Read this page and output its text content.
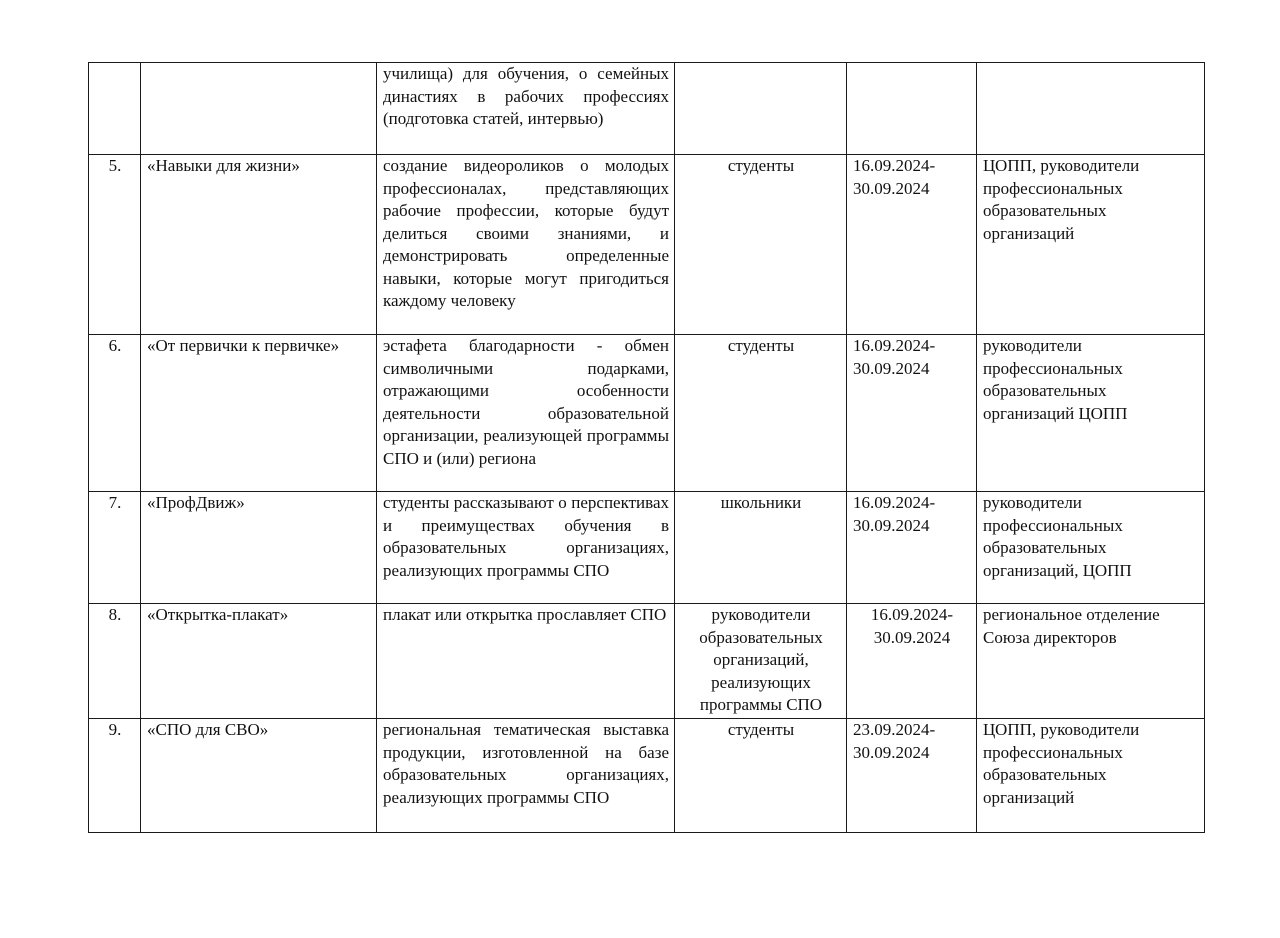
		училища) для обучения, о семейных династиях в рабочих профессиях (подготовка статей, интервью)			
5.	«Навыки для жизни»	создание видеороликов о молодых профессионалах, представляющих рабочие профессии, которые будут делиться своими знаниями, и демонстрировать определенные навыки, которые могут пригодиться каждому человеку	студенты	16.09.2024-30.09.2024	ЦОПП, руководители профессиональных образовательных организаций
6.	«От первички к первичке»	эстафета благодарности - обмен символичными подарками, отражающими особенности деятельности образовательной организации, реализующей программы СПО и (или) региона	студенты	16.09.2024-30.09.2024	руководители профессиональных образовательных организаций ЦОПП
7.	«ПрофДвиж»	студенты рассказывают о перспективах и преимуществах обучения в образовательных организациях, реализующих программы СПО	школьники	16.09.2024-30.09.2024	руководители профессиональных образовательных организаций, ЦОПП
8.	«Открытка-плакат»	плакат или открытка прославляет СПО	руководители образовательных организаций, реализующих программы СПО	16.09.2024-30.09.2024	региональное отделение Союза директоров
9.	«СПО для СВО»	региональная тематическая выставка продукции, изготовленной на базе образовательных организациях, реализующих программы СПО	студенты	23.09.2024-30.09.2024	ЦОПП, руководители профессиональных образовательных организаций
